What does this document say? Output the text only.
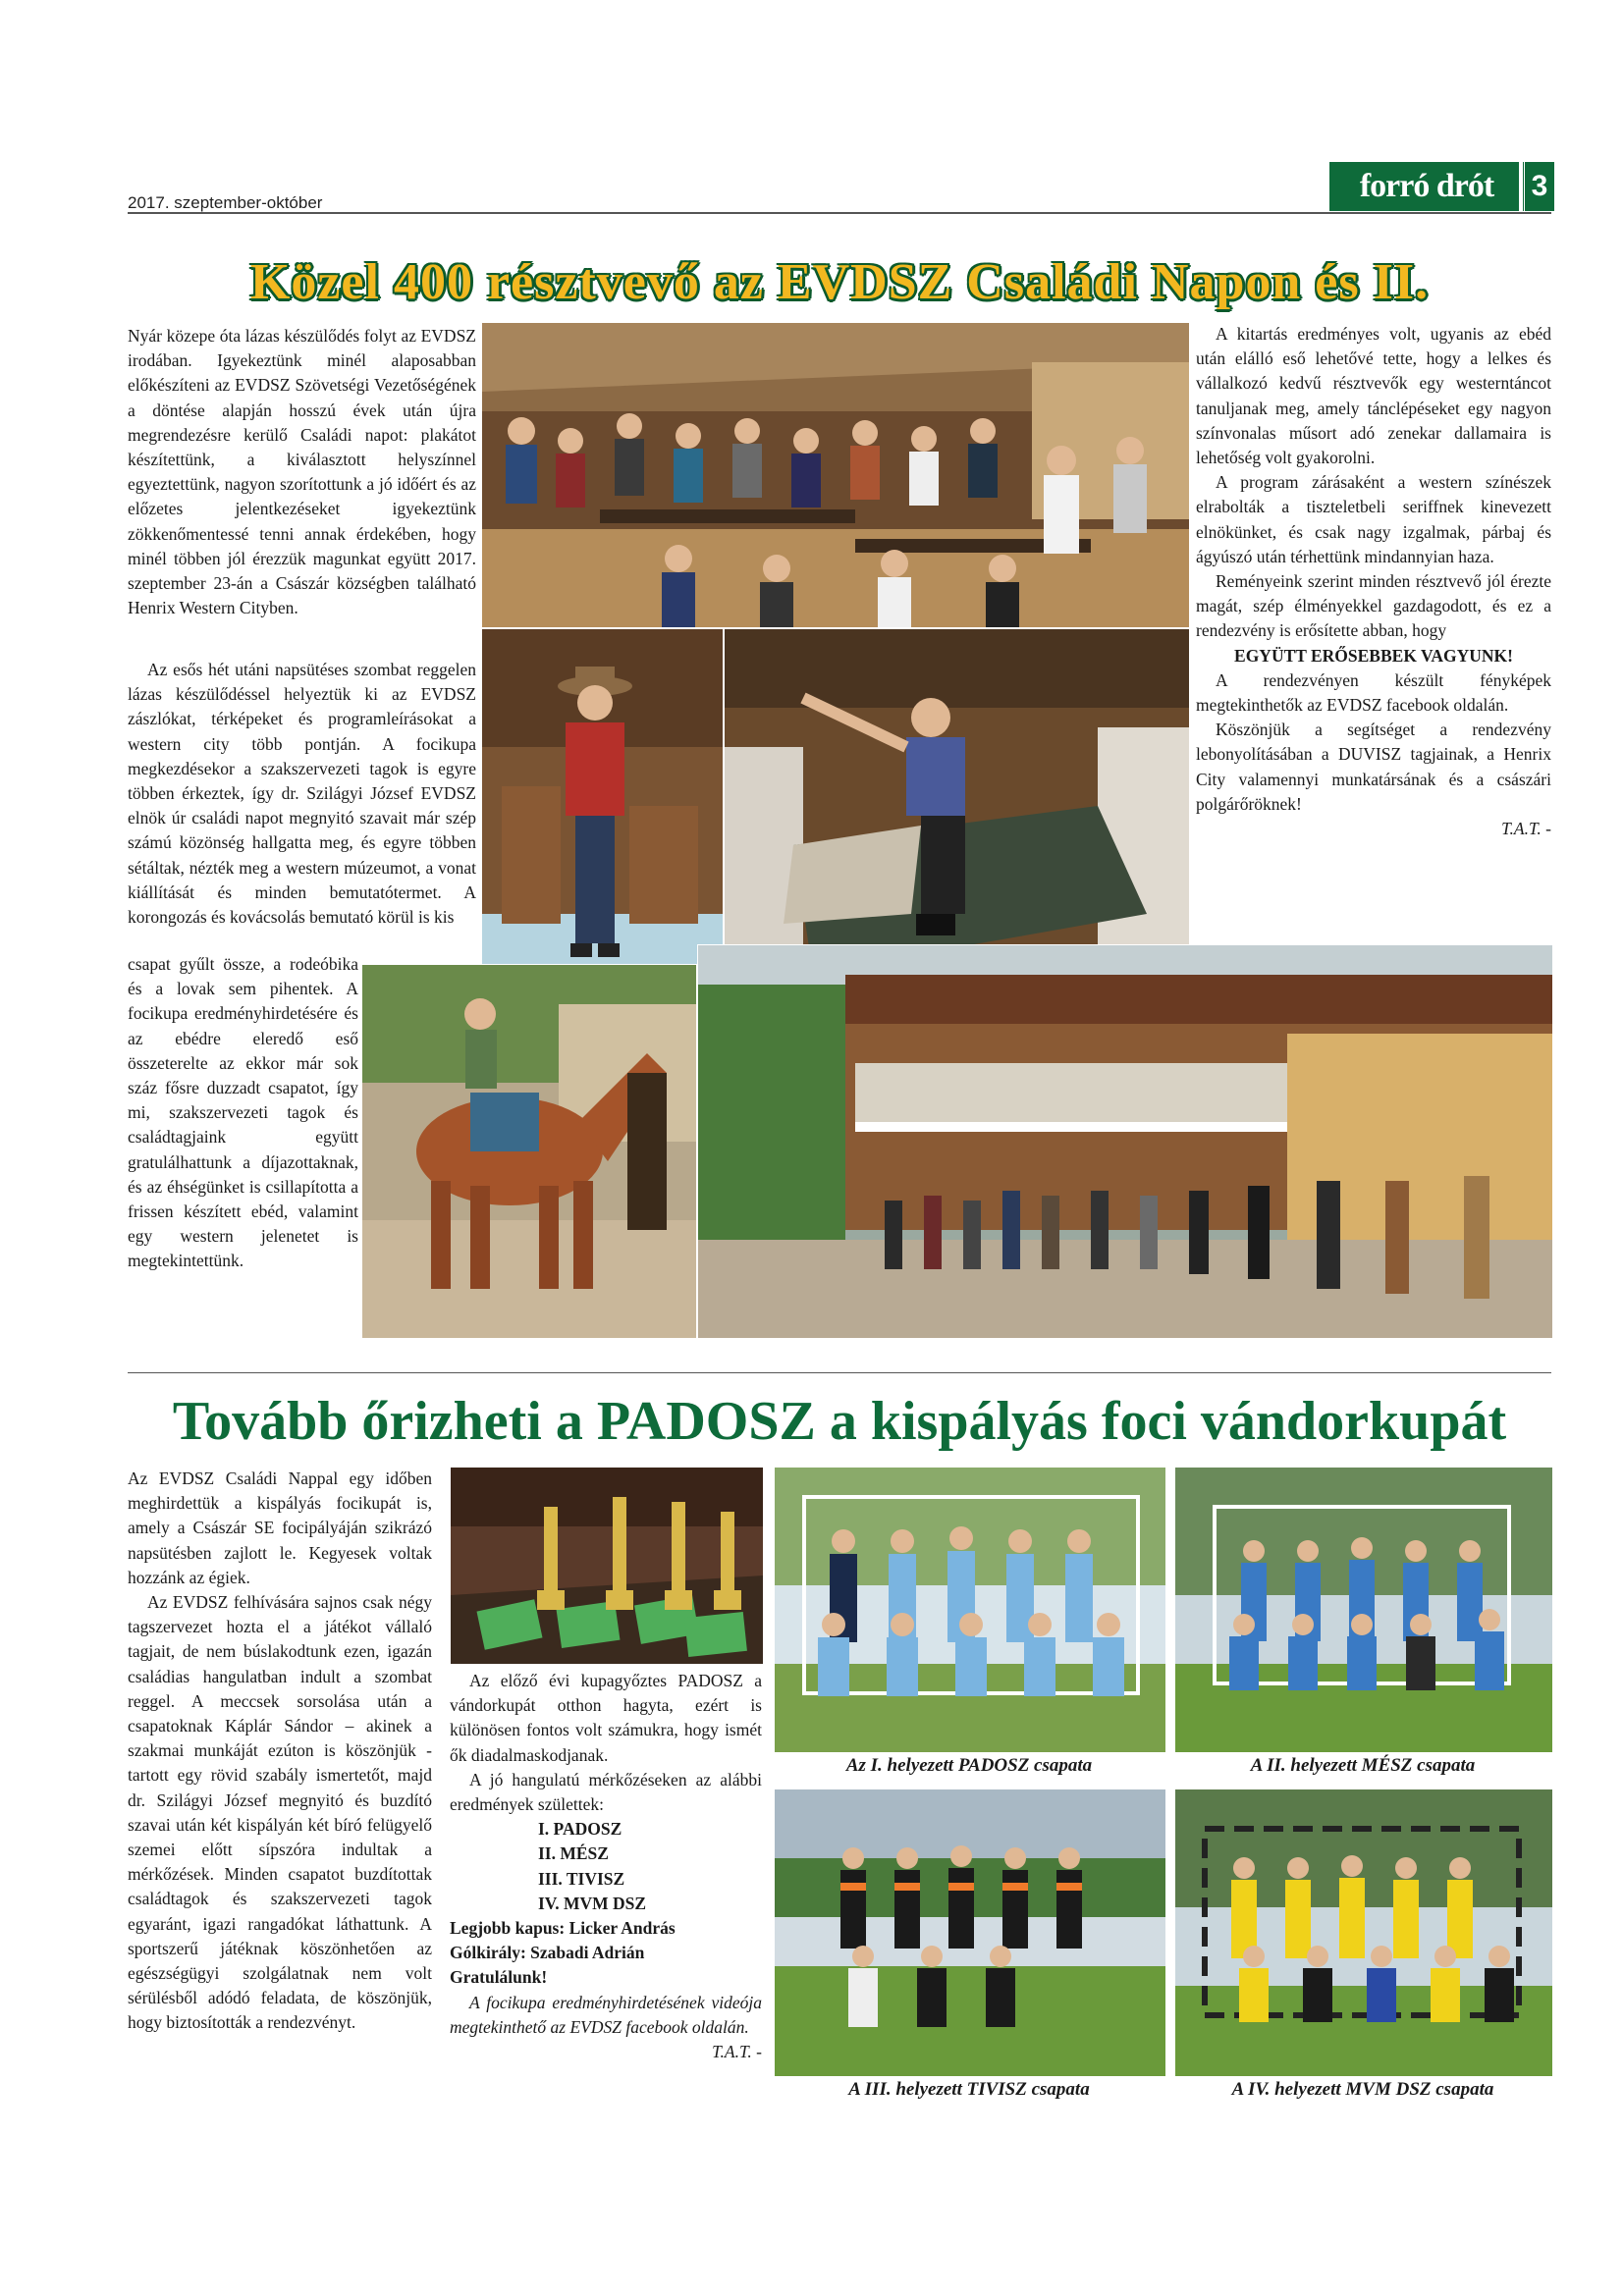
2017. szeptember-október	forró drót	3
Közel 400 résztvevő az EVDSZ Családi Napon és II.

Nyár közepe óta lázas készülődés folyt az EVDSZ irodában. Igyekeztünk minél alaposabban előkészíteni az EVDSZ Szövetségi Vezetőségének a döntése alapján hosszú évek után újra megrendezésre kerülő Családi napot: plakátot készítettünk, a kiválasztott helyszínnel egyeztettünk, nagyon szorítottunk a jó időért és az előzetes jelentkezéseket igyekeztünk zökkenőmentessé tenni annak érdekében, hogy minél többen jól érezzük magunkat együtt 2017. szeptember 23-án a Császár községben található Henrix Western Cityben.

Az esős hét utáni napsütéses szombat reggelen lázas készülődéssel helyeztük ki az EVDSZ zászlókat, térképeket és programleírásokat a western city több pontján. A focikupa megkezdésekor a szakszervezeti tagok is egyre többen érkeztek, így dr. Szilágyi József EVDSZ elnök úr családi napot megnyitó szavait már szép számú közönség hallgatta meg, és egyre többen sétáltak, nézték meg a western múzeumot, a vonat kiállítását és minden bemutatótermet. A korongozás és kovácsolás bemutató körül is kis

csapat gyűlt össze, a rodeóbika és a lovak sem pihentek. A focikupa eredményhirdetésére és az ebédre eleredő eső összeterelte az ekkor már sok száz fősre duzzadt csapatot, így mi, szakszervezeti tagok és családtagjaink együtt gratulálhattunk a díjazottaknak, és az éhségünket is csillapította a frissen készített ebéd, valamint egy western jelenetet is megtekintettünk.

A kitartás eredményes volt, ugyanis az ebéd után elálló eső lehetővé tette, hogy a lelkes és vállalkozó kedvű résztvevők egy westerntáncot tanuljanak meg, amely tánclépéseket egy nagyon színvonalas műsort adó zenekar dallamaira is lehetőség volt gyakorolni.

A program zárásaként a western színészek elrabolták a tiszteletbeli seriffnek kinevezett elnökünket, és csak nagy izgalmak, párbaj és ágyúszó után térhettünk mindannyian haza.

Reményeink szerint minden résztvevő jól érezte magát, szép élményekkel gazdagodott, és ez a rendezvény is erősítette abban, hogy

EGYÜTT ERŐSEBBEK VAGYUNK!

A rendezvényen készült fényképek megtekinthetők az EVDSZ facebook oldalán.

Köszönjük a segítséget a rendezvény lebonyolításában a DUVISZ tagjainak, a Henrix City valamennyi munkatársának és a császári polgárőröknek!

T.A.T. -

Tovább őrizheti a PADOSZ a kispályás foci vándorkupát

Az EVDSZ Családi Nappal egy időben meghirdettük a kispályás focikupát is, amely a Császár SE focipályáján szikrázó napsütésben zajlott le. Kegyesek voltak hozzánk az égiek.

Az EVDSZ felhívására sajnos csak négy tagszervezet hozta el a játékot vállaló tagjait, de nem búslakodtunk ezen, igazán családias hangulatban indult a szombat reggel. A meccsek sorsolása után a csapatoknak Káplár Sándor – akinek a szakmai munkáját ezúton is köszönjük - tartott egy rövid szabály ismertetőt, majd dr. Szilágyi József megnyitó és buzdító szavai után két kispályán két bíró felügyelő szemei előtt sípszóra indultak a mérkőzések. Minden csapatot buzdítottak családtagok és szakszervezeti tagok egyaránt, igazi rangadókat láthattunk. A sportszerű játéknak köszönhetően az egészségügyi szolgálatnak nem volt sérülésből adódó feladata, de köszönjük, hogy biztosították a rendezvényt.

Az előző évi kupagyőztes PADOSZ a vándorkupát otthon hagyta, ezért is különösen fontos volt számukra, hogy ismét ők diadalmaskodjanak.

A jó hangulatú mérkőzéseken az alábbi eredmények születtek:

I. PADOSZ

II. MÉSZ

III. TIVISZ

IV. MVM DSZ

Legjobb kapus: Licker András

Gólkirály: Szabadi Adrián

Gratulálunk!

A focikupa eredményhirdetésének videója megtekinthető az EVDSZ facebook oldalán.

T.A.T. -

Az I. helyezett PADOSZ csapata	A II. helyezett MÉSZ csapata
A III. helyezett TIVISZ csapata	A IV. helyezett MVM DSZ csapata
